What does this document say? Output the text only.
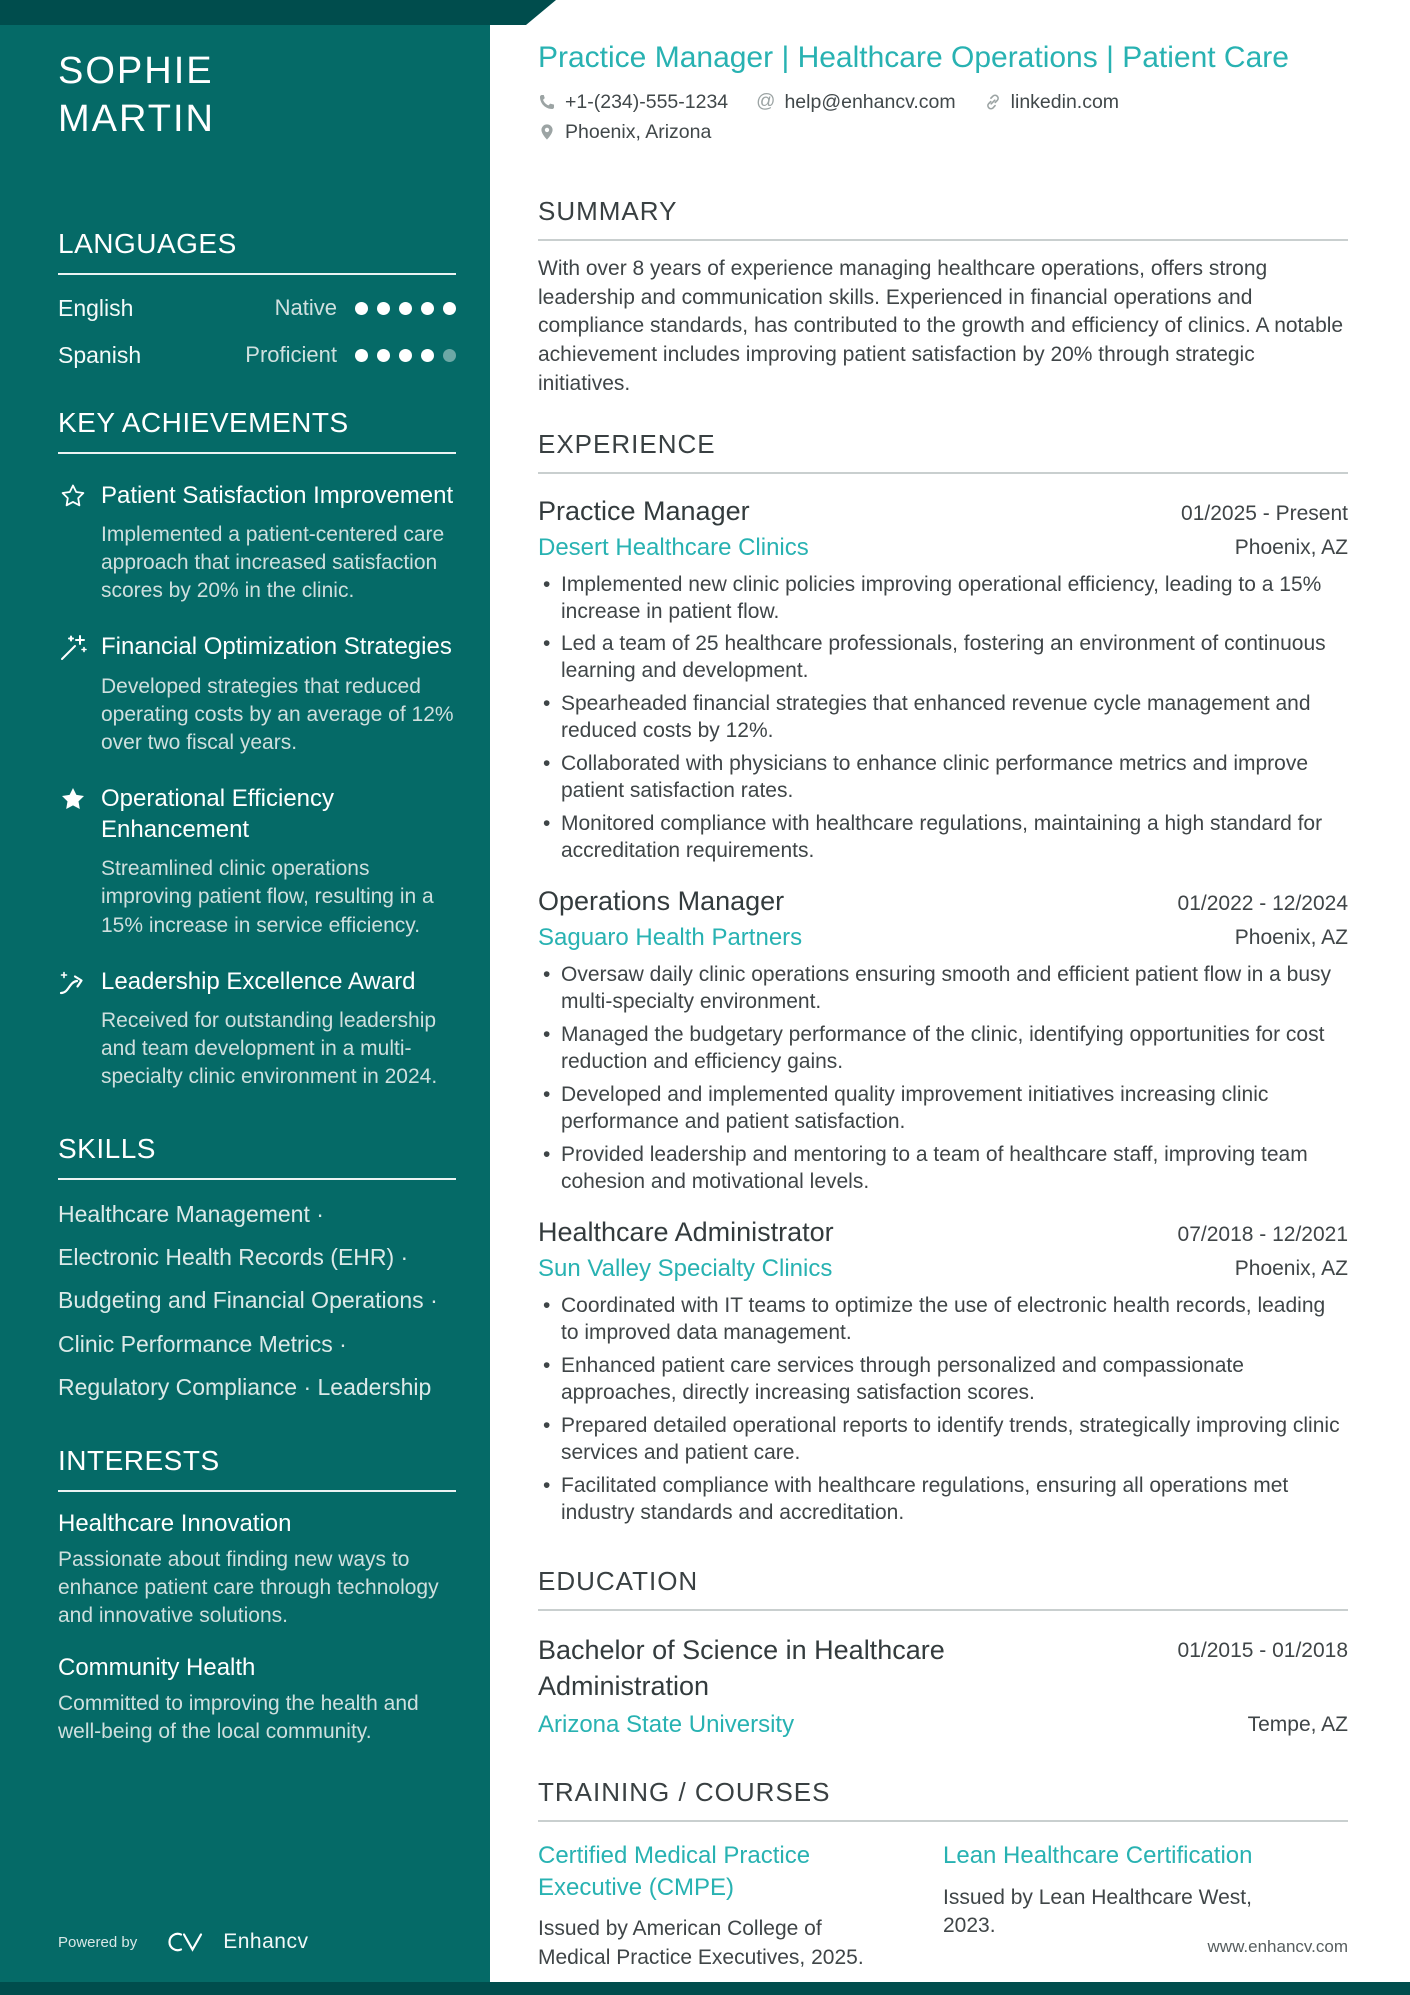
SOPHIE
MARTIN
LANGUAGES
English	Native
Spanish	Proficient
KEY ACHIEVEMENTS

Patient Satisfaction Improvement

Implemented a patient-centered care approach that increased satisfaction scores by 20% in the clinic.

Financial Optimization Strategies

Developed strategies that reduced operating costs by an average of 12% over two fiscal years.

Operational Efficiency Enhancement

Streamlined clinic operations improving patient flow, resulting in a 15% increase in service efficiency.

Leadership Excellence Award

Received for outstanding leadership and team development in a multi-specialty clinic environment in 2024.

SKILLS

Healthcare Management ·

Electronic Health Records (EHR) ·

Budgeting and Financial Operations ·

Clinic Performance Metrics ·

Regulatory Compliance · Leadership

INTERESTS

Healthcare Innovation

Passionate about finding new ways to enhance patient care through technology and innovative solutions.

Community Health

Committed to improving the health and well-being of the local community.

Powered by	Enhancv
Practice Manager | Healthcare Operations | Patient Care
+1-(234)-555-1234 @ help@enhancv.com	linkedin.com
Phoenix, Arizona
SUMMARY

With over 8 years of experience managing healthcare operations, offers strong leadership and communication skills. Experienced in financial operations and compliance standards, has contributed to the growth and efficiency of clinics. A notable achievement includes improving patient satisfaction by 20% through strategic initiatives.

EXPERIENCE
Practice Manager	01/2025 - Present

Desert Healthcare Clinics	Phoenix, AZ
• Implemented new clinic policies improving operational efficiency, leading to a 15% increase in patient flow.
• Led a team of 25 healthcare professionals, fostering an environment of continuous learning and development.
• Spearheaded financial strategies that enhanced revenue cycle management and reduced costs by 12%.
• Collaborated with physicians to enhance clinic performance metrics and improve patient satisfaction rates.
• Monitored compliance with healthcare regulations, maintaining a high standard for accreditation requirements.
Operations Manager	01/2022 - 12/2024

Saguaro Health Partners	Phoenix, AZ
• Oversaw daily clinic operations ensuring smooth and efficient patient flow in a busy multi-specialty environment.
• Managed the budgetary performance of the clinic, identifying opportunities for cost reduction and efficiency gains.
• Developed and implemented quality improvement initiatives increasing clinic performance and patient satisfaction.
• Provided leadership and mentoring to a team of healthcare staff, improving team cohesion and motivational levels.
Healthcare Administrator	07/2018 - 12/2021

Sun Valley Specialty Clinics	Phoenix, AZ
• Coordinated with IT teams to optimize the use of electronic health records, leading to improved data management.
• Enhanced patient care services through personalized and compassionate approaches, directly increasing satisfaction scores.
• Prepared detailed operational reports to identify trends, strategically improving clinic services and patient care.
• Facilitated compliance with healthcare regulations, ensuring all operations met industry standards and accreditation.
EDUCATION
Bachelor of Science in Healthcare Administration
01/2015 - 01/2018

Arizona State University	Tempe, AZ
TRAINING / COURSES

Certified Medical Practice Executive (CMPE)

Issued by American College of Medical Practice Executives, 2025.

Lean Healthcare Certification

Issued by Lean Healthcare West, 2023.

www.enhancv.com
